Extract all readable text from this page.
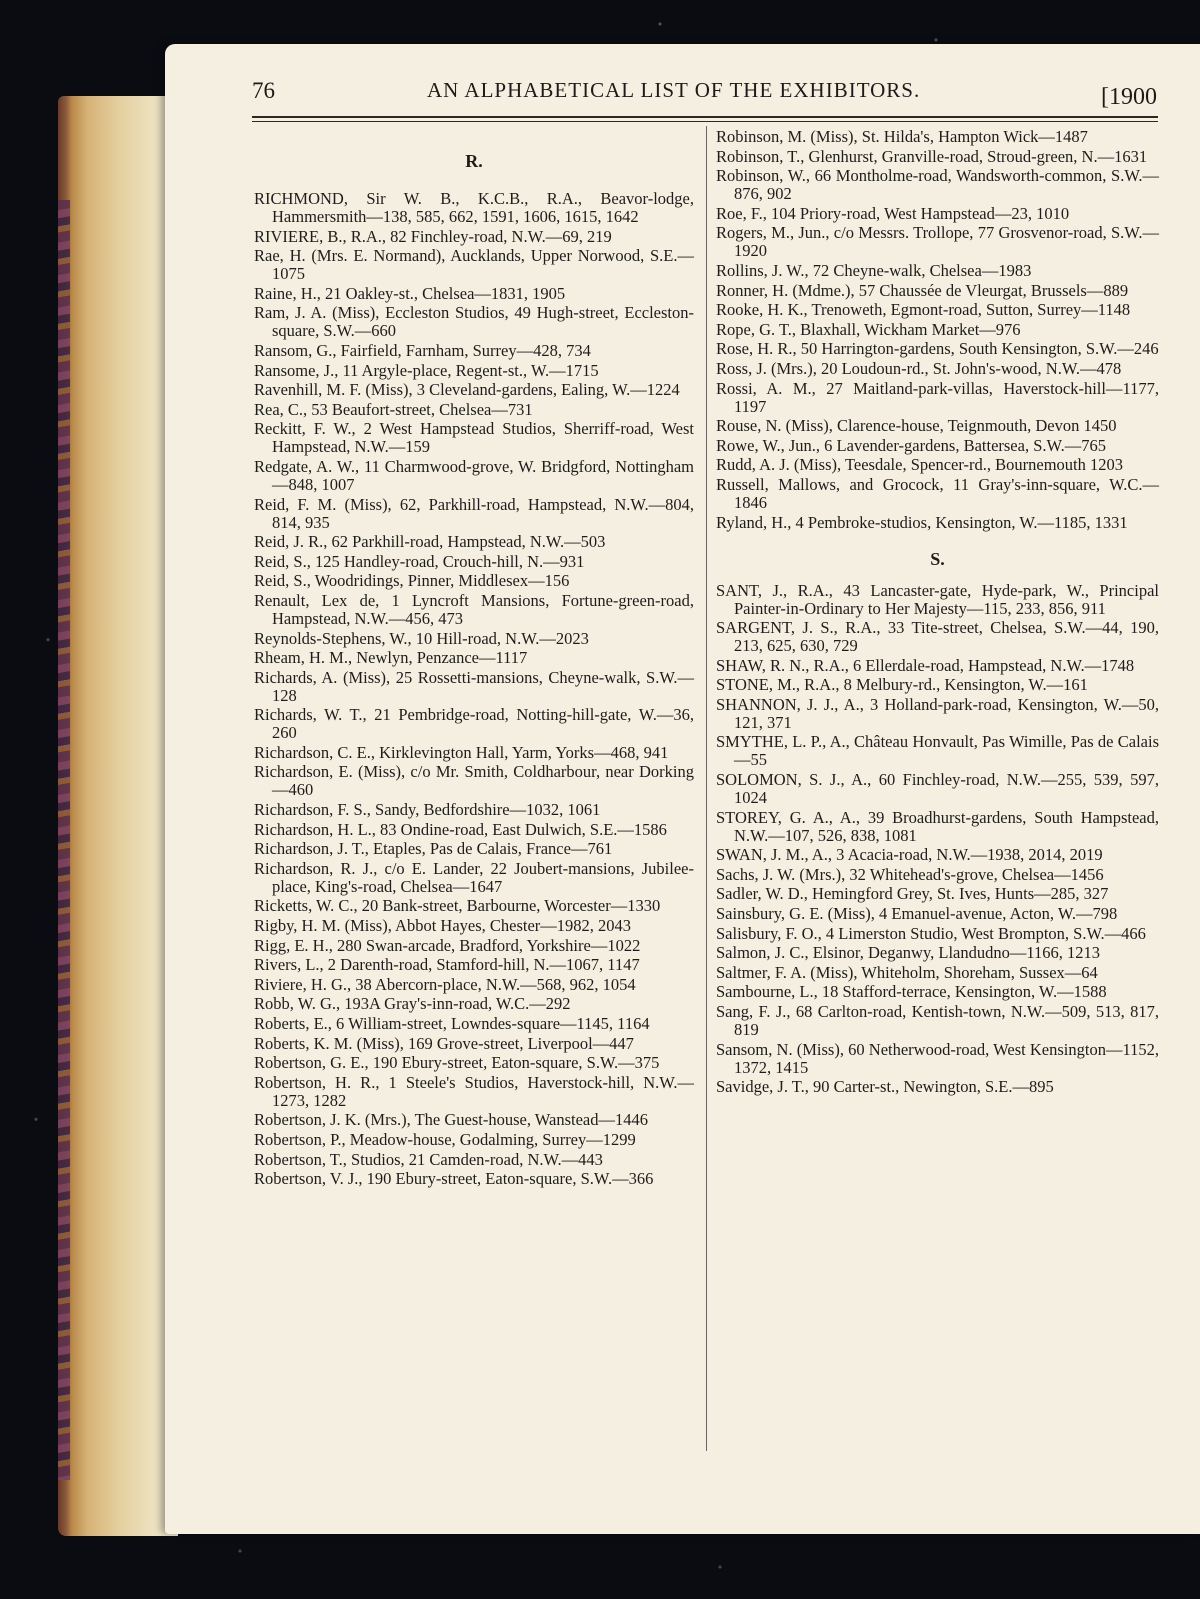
76	AN ALPHABETICAL LIST OF THE EXHIBITORS.	[1900
R.
RICHMOND, Sir W. B., K.C.B., R.A., Beavor-lodge, Hammersmith—138, 585, 662, 1591, 1606, 1615, 1642
RIVIERE, B., R.A., 82 Finchley-road, N.W.—69, 219
Rae, H. (Mrs. E. Normand), Aucklands, Upper Norwood, S.E.—1075
Raine, H., 21 Oakley-st., Chelsea—1831, 1905
Ram, J. A. (Miss), Eccleston Studios, 49 Hugh-street, Eccleston-square, S.W.—660
Ransom, G., Fairfield, Farnham, Surrey—428, 734
Ransome, J., 11 Argyle-place, Regent-st., W.—1715
Ravenhill, M. F. (Miss), 3 Cleveland-gardens, Ealing, W.—1224
Rea, C., 53 Beaufort-street, Chelsea—731
Reckitt, F. W., 2 West Hampstead Studios, Sherriff-road, West Hampstead, N.W.—159
Redgate, A. W., 11 Charmwood-grove, W. Bridgford, Nottingham—848, 1007
Reid, F. M. (Miss), 62, Parkhill-road, Hampstead, N.W.—804, 814, 935
Reid, J. R., 62 Parkhill-road, Hampstead, N.W.—503
Reid, S., 125 Handley-road, Crouch-hill, N.—931
Reid, S., Woodridings, Pinner, Middlesex—156
Renault, Lex de, 1 Lyncroft Mansions, Fortune-green-road, Hampstead, N.W.—456, 473
Reynolds-Stephens, W., 10 Hill-road, N.W.—2023
Rheam, H. M., Newlyn, Penzance—1117
Richards, A. (Miss), 25 Rossetti-mansions, Cheyne-walk, S.W.—128
Richards, W. T., 21 Pembridge-road, Notting-hill-gate, W.—36, 260
Richardson, C. E., Kirklevington Hall, Yarm, Yorks—468, 941
Richardson, E. (Miss), c/o Mr. Smith, Coldharbour, near Dorking—460
Richardson, F. S., Sandy, Bedfordshire—1032, 1061
Richardson, H. L., 83 Ondine-road, East Dulwich, S.E.—1586
Richardson, J. T., Etaples, Pas de Calais, France—761
Richardson, R. J., c/o E. Lander, 22 Joubert-mansions, Jubilee-place, King's-road, Chelsea—1647
Ricketts, W. C., 20 Bank-street, Barbourne, Worcester—1330
Rigby, H. M. (Miss), Abbot Hayes, Chester—1982, 2043
Rigg, E. H., 280 Swan-arcade, Bradford, Yorkshire—1022
Rivers, L., 2 Darenth-road, Stamford-hill, N.—1067, 1147
Riviere, H. G., 38 Abercorn-place, N.W.—568, 962, 1054
Robb, W. G., 193A Gray's-inn-road, W.C.—292
Roberts, E., 6 William-street, Lowndes-square—1145, 1164
Roberts, K. M. (Miss), 169 Grove-street, Liverpool—447
Robertson, G. E., 190 Ebury-street, Eaton-square, S.W.—375
Robertson, H. R., 1 Steele's Studios, Haverstock-hill, N.W.—1273, 1282
Robertson, J. K. (Mrs.), The Guest-house, Wanstead—1446
Robertson, P., Meadow-house, Godalming, Surrey—1299
Robertson, T., Studios, 21 Camden-road, N.W.—443
Robertson, V. J., 190 Ebury-street, Eaton-square, S.W.—366
Robinson, M. (Miss), St. Hilda's, Hampton Wick—1487
Robinson, T., Glenhurst, Granville-road, Stroud-green, N.—1631
Robinson, W., 66 Montholme-road, Wandsworth-common, S.W.—876, 902
Roe, F., 104 Priory-road, West Hampstead—23, 1010
Rogers, M., Jun., c/o Messrs. Trollope, 77 Grosvenor-road, S.W.—1920
Rollins, J. W., 72 Cheyne-walk, Chelsea—1983
Ronner, H. (Mdme.), 57 Chaussée de Vleurgat, Brussels—889
Rooke, H. K., Trenoweth, Egmont-road, Sutton, Surrey—1148
Rope, G. T., Blaxhall, Wickham Market—976
Rose, H. R., 50 Harrington-gardens, South Kensington, S.W.—246
Ross, J. (Mrs.), 20 Loudoun-rd., St. John's-wood, N.W.—478
Rossi, A. M., 27 Maitland-park-villas, Haverstock-hill—1177, 1197
Rouse, N. (Miss), Clarence-house, Teignmouth, Devon 1450
Rowe, W., Jun., 6 Lavender-gardens, Battersea, S.W.—765
Rudd, A. J. (Miss), Teesdale, Spencer-rd., Bournemouth 1203
Russell, Mallows, and Grocock, 11 Gray's-inn-square, W.C.—1846
Ryland, H., 4 Pembroke-studios, Kensington, W.—1185, 1331
S.
SANT, J., R.A., 43 Lancaster-gate, Hyde-park, W., Principal Painter-in-Ordinary to Her Majesty—115, 233, 856, 911
SARGENT, J. S., R.A., 33 Tite-street, Chelsea, S.W.—44, 190, 213, 625, 630, 729
SHAW, R. N., R.A., 6 Ellerdale-road, Hampstead, N.W.—1748
STONE, M., R.A., 8 Melbury-rd., Kensington, W.—161
SHANNON, J. J., A., 3 Holland-park-road, Kensington, W.—50, 121, 371
SMYTHE, L. P., A., Château Honvault, Pas Wimille, Pas de Calais—55
SOLOMON, S. J., A., 60 Finchley-road, N.W.—255, 539, 597, 1024
STOREY, G. A., A., 39 Broadhurst-gardens, South Hampstead, N.W.—107, 526, 838, 1081
SWAN, J. M., A., 3 Acacia-road, N.W.—1938, 2014, 2019
Sachs, J. W. (Mrs.), 32 Whitehead's-grove, Chelsea—1456
Sadler, W. D., Hemingford Grey, St. Ives, Hunts—285, 327
Sainsbury, G. E. (Miss), 4 Emanuel-avenue, Acton, W.—798
Salisbury, F. O., 4 Limerston Studio, West Brompton, S.W.—466
Salmon, J. C., Elsinor, Deganwy, Llandudno—1166, 1213
Saltmer, F. A. (Miss), Whiteholm, Shoreham, Sussex—64
Sambourne, L., 18 Stafford-terrace, Kensington, W.—1588
Sang, F. J., 68 Carlton-road, Kentish-town, N.W.—509, 513, 817, 819
Sansom, N. (Miss), 60 Netherwood-road, West Kensington—1152, 1372, 1415
Savidge, J. T., 90 Carter-st., Newington, S.E.—895
